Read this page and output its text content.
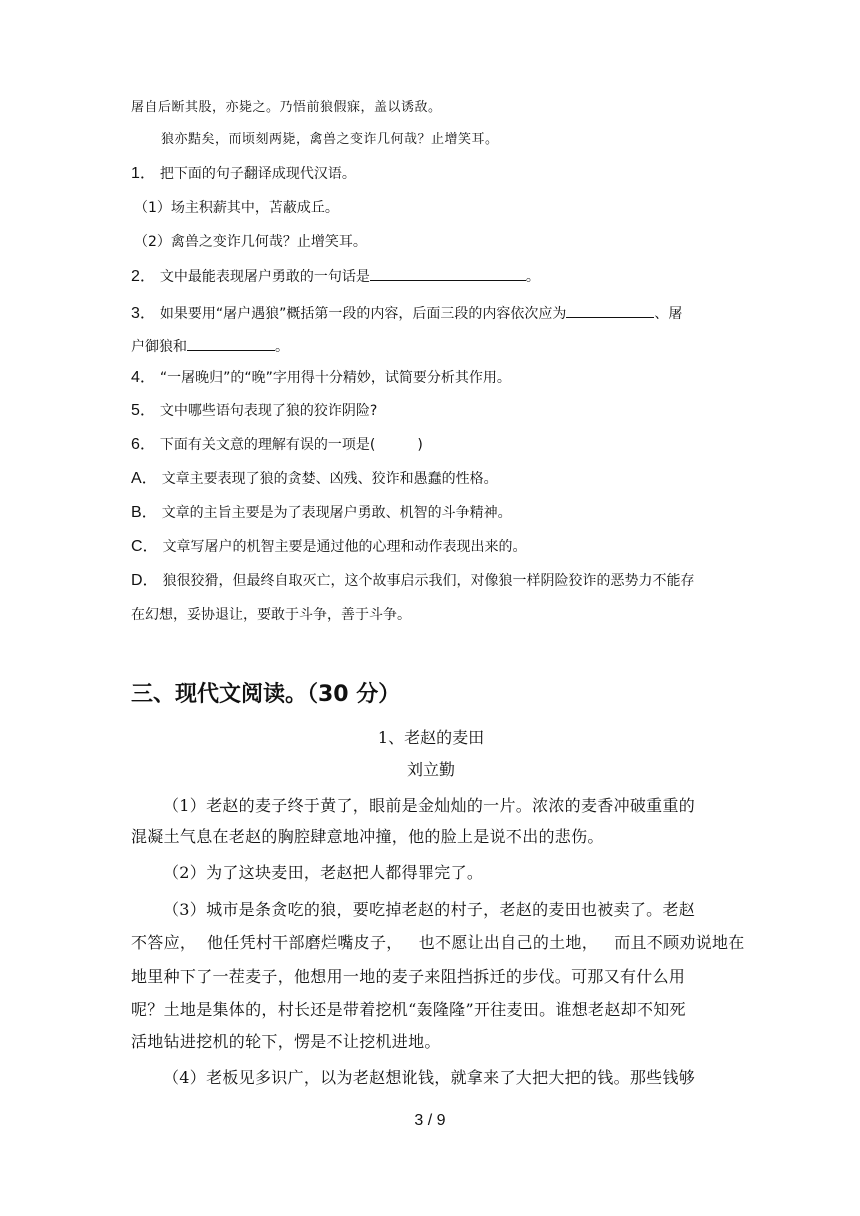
屠自后断其股，亦毙之。乃悟前狼假寐，盖以诱敌。
狼亦黠矣，而顷刻两毙，禽兽之变诈几何哉？止增笑耳。
1． 把下面的句子翻译成现代汉语。
（1）场主积薪其中，苫蔽成丘。
（2）禽兽之变诈几何哉？止增笑耳。
2． 文中最能表现屠户勇敢的一句话是	。
3． 如果要用“屠户遇狼”概括第一段的内容，后面三段的内容依次应为	、屠
户御狼和	。
4． “一屠晚归”的“晚”字用得十分精妙，试简要分析其作用。
5． 文中哪些语句表现了狼的狡诈阴险?
6． 下面有关文意的理解有误的一项是(　　　)
A． 文章主要表现了狼的贪婪、凶残、狡诈和愚蠢的性格。
B． 文章的主旨主要是为了表现屠户勇敢、机智的斗争精神。
C． 文章写屠户的机智主要是通过他的心理和动作表现出来的。
D． 狼很狡猾，但最终自取灭亡，这个故事启示我们，对像狼一样阴险狡诈的恶势力不能存
在幻想，妥协退让，要敢于斗争，善于斗争。
三、现代文阅读。（30 分）
1、老赵的麦田
刘立勤
（1）老赵的麦子终于黄了，眼前是金灿灿的一片。浓浓的麦香冲破重重的
混凝土气息在老赵的胸腔肆意地冲撞，他的脸上是说不出的悲伤。
（2）为了这块麦田，老赵把人都得罪完了。
（3）城市是条贪吃的狼，要吃掉老赵的村子，老赵的麦田也被卖了。老赵
不答应，  他任凭村干部磨烂嘴皮子，   也不愿让出自己的土地，   而且不顾劝说地在
地里种下了一茬麦子，他想用一地的麦子来阻挡拆迁的步伐。可那又有什么用
呢？土地是集体的，村长还是带着挖机“轰隆隆”开往麦田。谁想老赵却不知死
活地钻进挖机的轮下，愣是不让挖机进地。
（4）老板见多识广，以为老赵想讹钱，就拿来了大把大把的钱。那些钱够
3 / 9
